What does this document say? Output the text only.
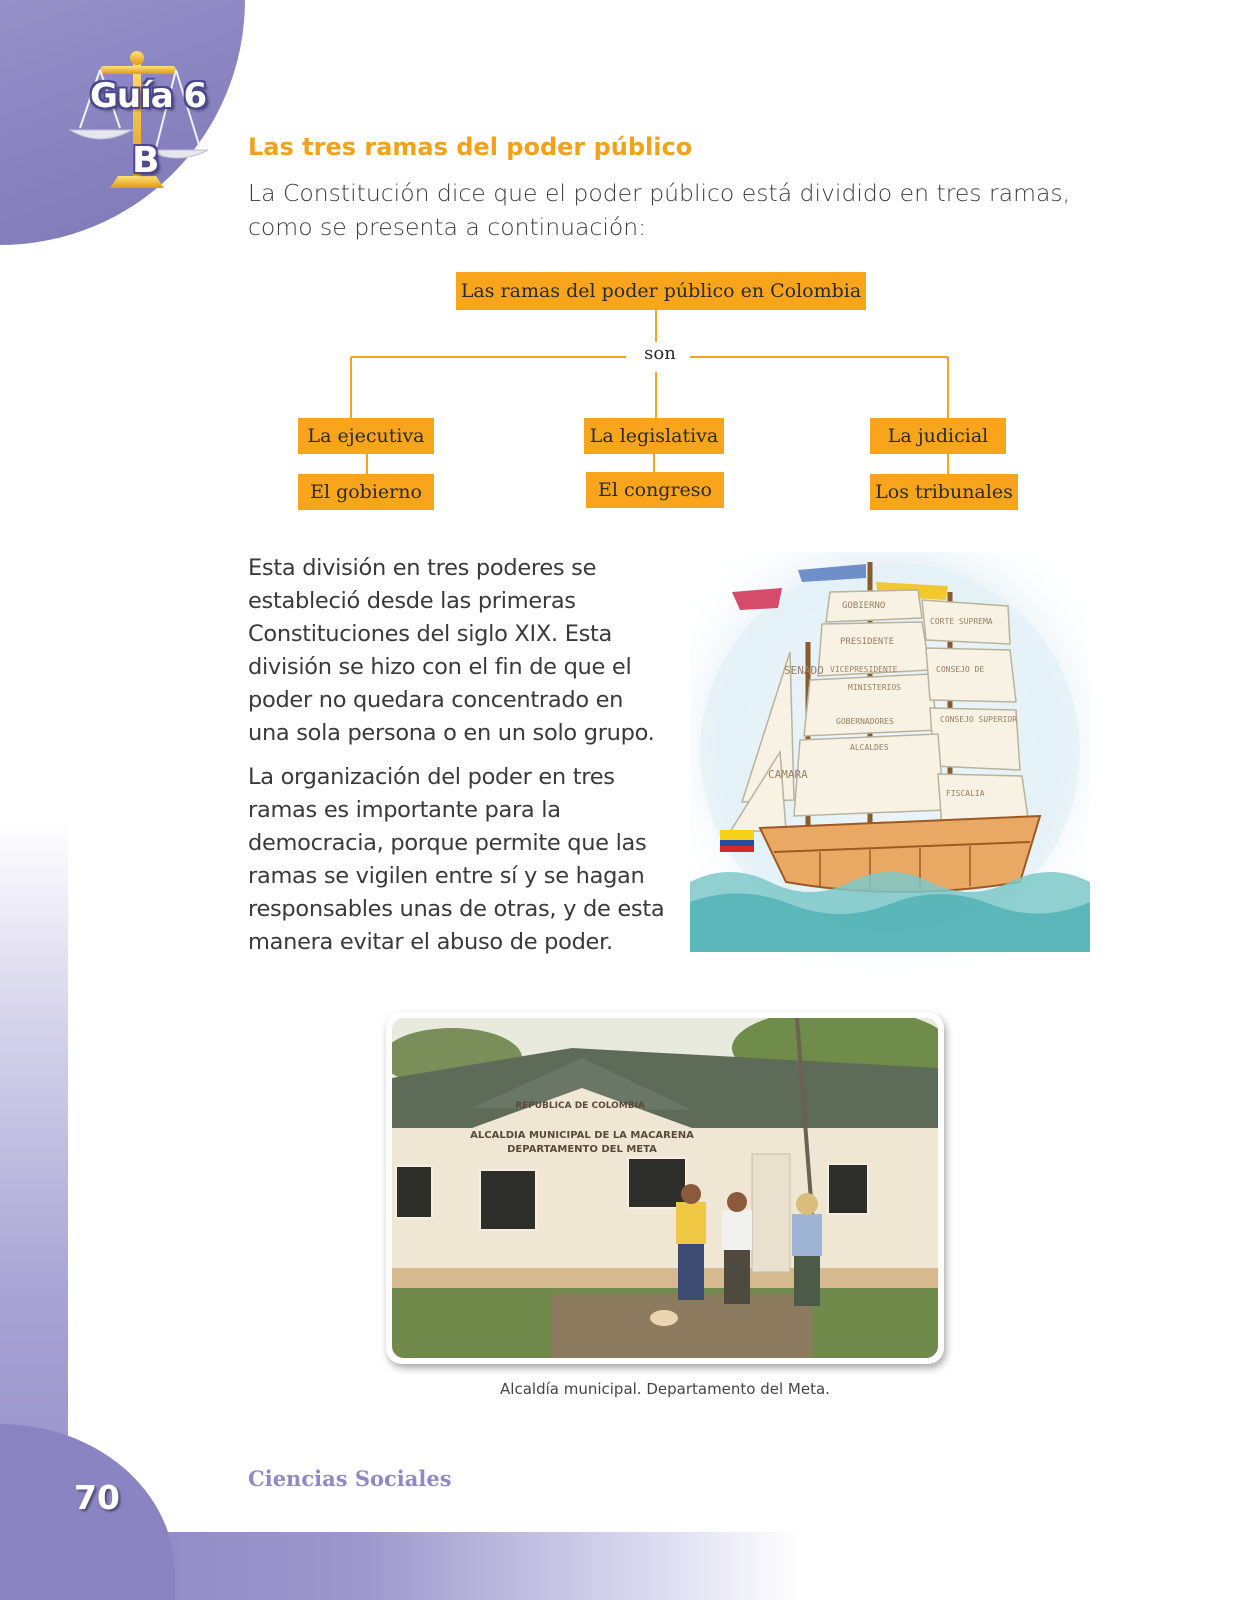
Guía 6
B	Las tres ramas del poder público

La Constitución dice que el poder público está dividido en tres ramas, como se presenta a continuación:

Las ramas del poder público en Colombia
son
La ejecutiva	La legislativa	La judicial
El gobierno	El congreso	Los tribunales

Esta división en tres poderes se estableció desde las primeras Constituciones del siglo XIX. Esta división se hizo con el fin de que el poder no quedara concentrado en una sola persona o en un solo grupo.

La organización del poder en tres ramas es importante para la democracia, porque permite que las ramas se vigilen entre sí y se hagan responsables unas de otras, y de esta manera evitar el abuso de poder.

GOBIERNO
PRESIDENTE
VICEPRESIDENTE
MINISTERIOS
GOBERNADORES
ALCALDES
SENADO
CAMARA
CORTE SUPREMA
CONSEJO DE
CONSEJO SUPERIOR
FISCALIA
REPUBLICA DE COLOMBIA
ALCALDIA MUNICIPAL DE LA MACARENA
DEPARTAMENTO DEL META
Alcaldía municipal. Departamento del Meta.
Ciencias Sociales
70
